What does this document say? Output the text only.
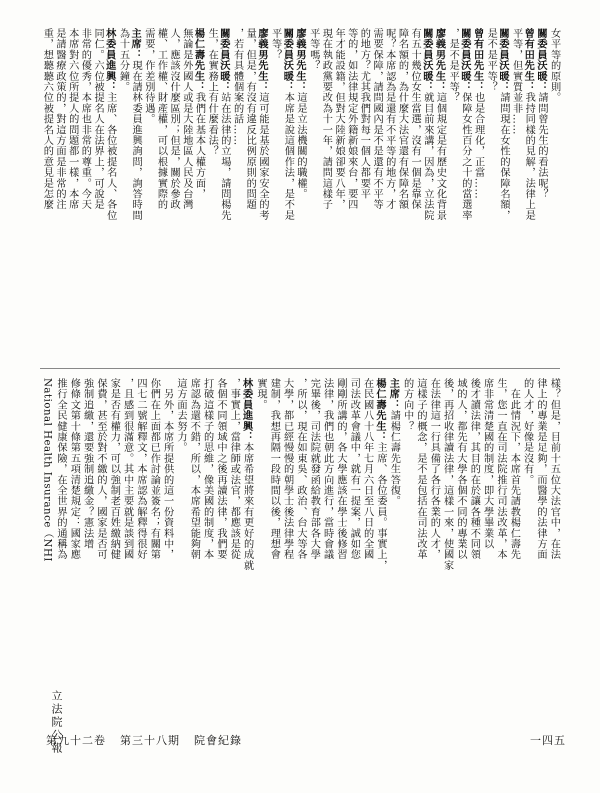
女平等的原則。
關委員沃暖：請問曾先生的看法呢？
曾有田先生：我持同樣的見解，法律上是
平等，但實質並非……
關委員沃暖：請問現在女性的保障名額，
是不是平等？
曾有田先生：也是合理化，正當……
關委員沃暖：保障女性百分之十的當選率
，是不是平等？
廖義男先生：這個規定是有歷史文化背景
關委員沃暖：就目前來講，因為，立法院
有五十幾位女生當選，沒有一個是靠保
障名額的，為什麼大法官還有保障名額
呢？本席認為是還有不平等的地方，才
需要保障，請問國內是不是還有不平等
的地方？尤其我們對每一個人都要平
等的，如法律規定外籍新娘來台，要四
年才能設籍，但對大陸新娘卻要八年，
現在執政黨要改為十一年，請問這樣子
平等嗎？
廖義男先生：這是立法機關的職權。
關委員沃暖：本席是說這個作法，是不是
平等？
廖義男先生：這可能是基於國家安全的考
量，但是，有沒有違反比例原則的問題
，若有具體個案的話……
關委員沃暖：站在法律的立場，請問楊先
生，在實務上有什麼看法？
楊仁壽先生：我們在基本人權方面，
無論是外國人或是大陸地區人民及台灣
人，應該沒什麼區別；但是，關於參政
權、工作權、財產權，可以根據實際的
需要，作差別待遇。
主席：現在請林委員進興詢問，詢答時間
為十五分鐘。
林委員進興：主席、各位被提名人、各位
同仁。六位被提名人在法界上，可說是
非常的優秀，本席也非常的尊重。今天
本席對六位所提人的問題都一樣，本席
是請醫療政策的，對這方面是非常的注
重，想聽聽六位被提名人的意見是怎麼
樣？但是，目前十五位大法官中，在法
律上的專業是足夠，而醫學的法律方面
的人才，好像是沒有。
　在此情況下，本席首先請教楊仁壽先
生，您一直在司法院推行司法改革，本
席非常清楚國的制度，即大學畢業以
後才讀法律，其目的在於讓各種不同領
域的人，都先有大學各個不同的專業以
後，再招收律讀法律，這樣一來，使國家
在法律這一行具備了各行各業的人才，
這樣子的概念，是不是包括在司法改革
的方向中？
主席：請楊仁壽先生答復。
楊仁壽先生：主席、各位委員。事實上，
在民國八十八年七月六日至八日的全國
司法改革會議中，就有一提案，誠如您
剛剛所講的，各大學應該在學士後修習
法律，我們也朝此方向進行，當時會議
完畢後，司法院就發函給教育部各大學
，所以，現在如東吳、政治、台大等各
大學，都已經慢慢的朝學士後法律學程
建制，我想再隔一段時間以後，理想會
實現。
林委員進興：本席希望將來有更好的成就
，事實上，當律師或法官，都應該是從
各個不同領域中之後再讀法律，我們要
打破這樣子的思維，像美國的制度，本
席認為還不錯，所以，本席希望能夠朝
這方面去努力。
　另外，本席所提供的這一份資料中，
你們在上面都已作討論並簽名；有關第
四七二號解釋文，本席認為解釋得很好
，且感到很滿意。其中主要就是談到國
家是否有權力，可以強制老百姓繳納健
保費，甚至於對不繳的人，國家是否可
強制追繳，還要強制追繳金？憲法增
修條文第十條第五項清楚規定：國家應
推行全民健康保險，在全世界的通稱為
National Health Insurance（NHI
立法院公報
第九十二卷 第三十八期 院會紀錄	一四五
